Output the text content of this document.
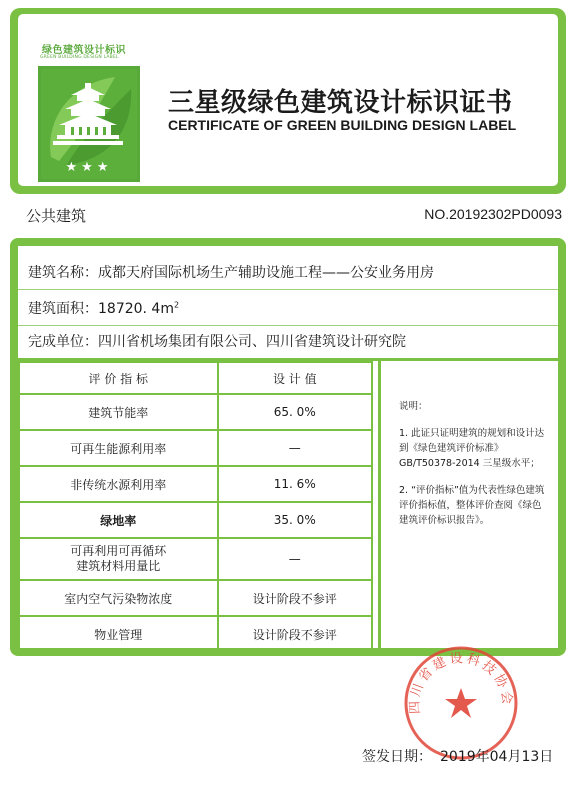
绿色建筑设计标识
GREEN BUILDING DESIGN LABEL
★★★
三星级绿色建筑设计标识证书
CERTIFICATE OF GREEN BUILDING DESIGN LABEL
公共建筑	NO.20192302PD0093
建筑名称：成都天府国际机场生产辅助设施工程——公安业务用房
建筑面积：18720. $4m^2$
完成单位：四川省机场集团有限公司、四川省建筑设计研究院
评 价 指 标	设 计 值
建筑节能率	65. 0%
可再生能源利用率	—
非传统水源利用率	11. 6%
绿地率	35. 0%
可再利用可再循环
建筑材料用量比	—
室内空气污染物浓度	设计阶段不参评
物业管理	设计阶段不参评
说明：
1. 此证只证明建筑的规划和设计达到《绿色建筑评价标准》GB/T50378-2014 三星级水平；
2. “评价指标”值为代表性绿色建筑评价指标值，整体评价查阅《绿色建筑评价标识报告》。
四川省建设科技协会
签发日期： 2019年04月13日
